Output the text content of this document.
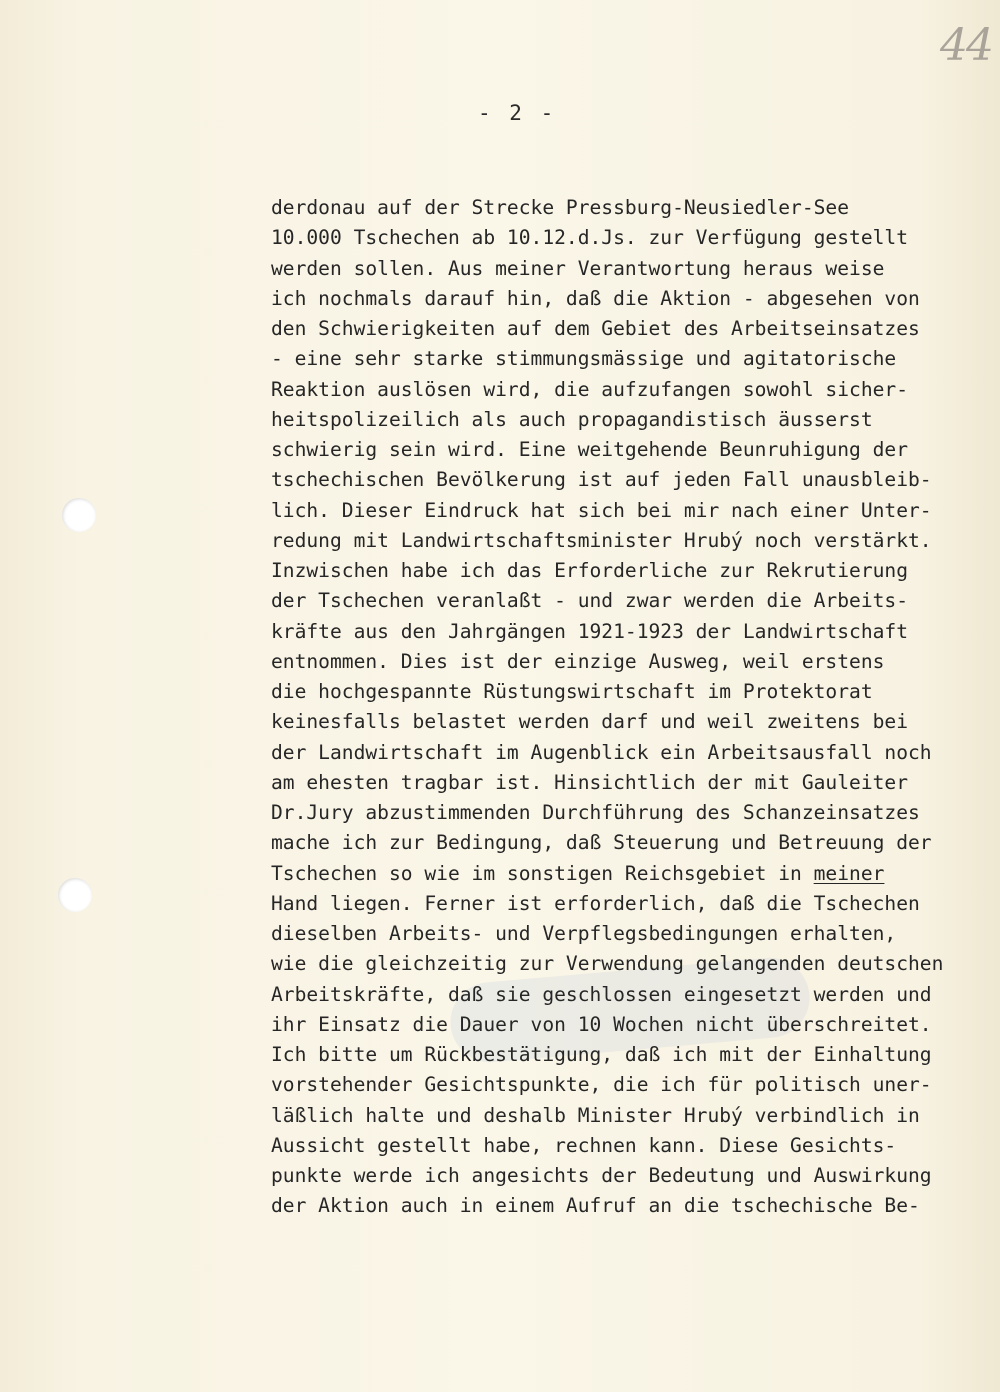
44
- 2 -
derdonau auf der Strecke Pressburg-Neusiedler-See
10.000 Tschechen ab 10.12.d.Js. zur Verfügung gestellt
werden sollen. Aus meiner Verantwortung heraus weise
ich nochmals darauf hin, daß die Aktion - abgesehen von
den Schwierigkeiten auf dem Gebiet des Arbeitseinsatzes
- eine sehr starke stimmungsmässige und agitatorische
Reaktion auslösen wird, die aufzufangen sowohl sicher-
heitspolizeilich als auch propagandistisch äusserst
schwierig sein wird. Eine weitgehende Beunruhigung der
tschechischen Bevölkerung ist auf jeden Fall unausbleib-
lich. Dieser Eindruck hat sich bei mir nach einer Unter-
redung mit Landwirtschaftsminister Hrubý noch verstärkt.
Inzwischen habe ich das Erforderliche zur Rekrutierung
der Tschechen veranlaßt - und zwar werden die Arbeits-
kräfte aus den Jahrgängen 1921-1923 der Landwirtschaft
entnommen. Dies ist der einzige Ausweg, weil erstens
die hochgespannte Rüstungswirtschaft im Protektorat
keinesfalls belastet werden darf und weil zweitens bei
der Landwirtschaft im Augenblick ein Arbeitsausfall noch
am ehesten tragbar ist. Hinsichtlich der mit Gauleiter
Dr.Jury abzustimmenden Durchführung des Schanzeinsatzes
mache ich zur Bedingung, daß Steuerung und Betreuung der
Tschechen so wie im sonstigen Reichsgebiet in meiner
Hand liegen. Ferner ist erforderlich, daß die Tschechen
dieselben Arbeits- und Verpflegsbedingungen erhalten,
wie die gleichzeitig zur Verwendung gelangenden deutschen
Arbeitskräfte, daß sie geschlossen eingesetzt werden und
ihr Einsatz die Dauer von 10 Wochen nicht überschreitet.
Ich bitte um Rückbestätigung, daß ich mit der Einhaltung
vorstehender Gesichtspunkte, die ich für politisch uner-
läßlich halte und deshalb Minister Hrubý verbindlich in
Aussicht gestellt habe, rechnen kann. Diese Gesichts-
punkte werde ich angesichts der Bedeutung und Auswirkung
der Aktion auch in einem Aufruf an die tschechische Be-
